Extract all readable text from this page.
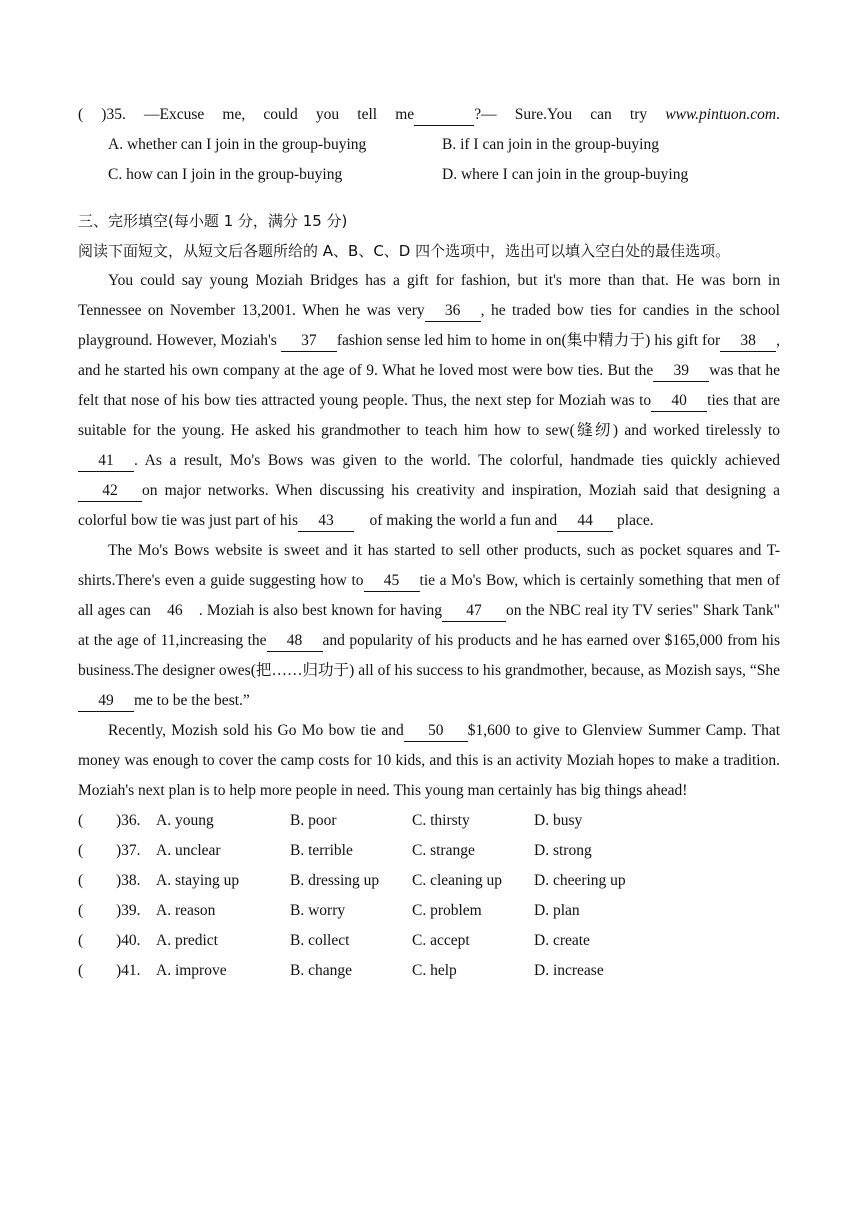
( )35. —Excuse me, could you tell me	?— Sure.You can try www.pintuon.com.
A. whether can I join in the group-buying	B. if I can join in the group-buying
C. how can I join in the group-buying	D. where I can join in the group-buying
三、完形填空(每小题 1 分，满分 15 分)
阅读下面短文，从短文后各题所给的 A、B、C、D 四个选项中，选出可以填入空白处的最佳选项。
You could say young Moziah Bridges has a gift for fashion, but it's more than that. He was born in Tennessee on November 13,2001. When he was very 36 , he traded bow ties for candies in the school playground. However, Moziah's 37 fashion sense led him to home in on(集中精力于) his gift for 38 , and he started his own company at the age of 9. What he loved most were bow ties. But the 39 was that he felt that nose of his bow ties attracted young people. Thus, the next step for Moziah was to 40 ties that are suitable for the young. He asked his grandmother to teach him how to sew(缝纫) and worked tirelessly to41 . As a result, Mo's Bows was given to the world. The colorful, handmade ties quickly achieved42 on major networks. When discussing his creativity and inspiration, Moziah said that designing a colorful bow tie was just part of his 43 of making the world a fun and 44 place.
The Mo's Bows website is sweet and it has started to sell other products, such as pocket squares and T-shirts.There's even a guide suggesting how to 45 tie a Mo's Bow, which is certainly something that men of all ages can 46 . Moziah is also best known for having 47 on the NBC real ity TV series" Shark Tank" at the age of 11,increasing the 48 and popularity of his products and he has earned over $165,000 from his business.The designer owes(把……归功于) all of his success to his grandmother, because, as Mozish says, “She49 me to be the best.”
Recently, Mozish sold his Go Mo bow tie and 50 $1,600 to give to Glenview Summer Camp. That money was enough to cover the camp costs for 10 kids, and this is an activity Moziah hopes to make a tradition. Moziah's next plan is to help more people in need. This young man certainly has big things ahead!
( )36. A. young	B. poor	C. thirsty	D. busy
( )37. A. unclear	B. terrible	C. strange	D. strong
( )38. A. staying up	B. dressing up	C. cleaning up	D. cheering up
( )39. A. reason	B. worry	C. problem	D. plan
( )40. A. predict	B. collect	C. accept	D. create
( )41. A. improve	B. change	C. help	D. increase
